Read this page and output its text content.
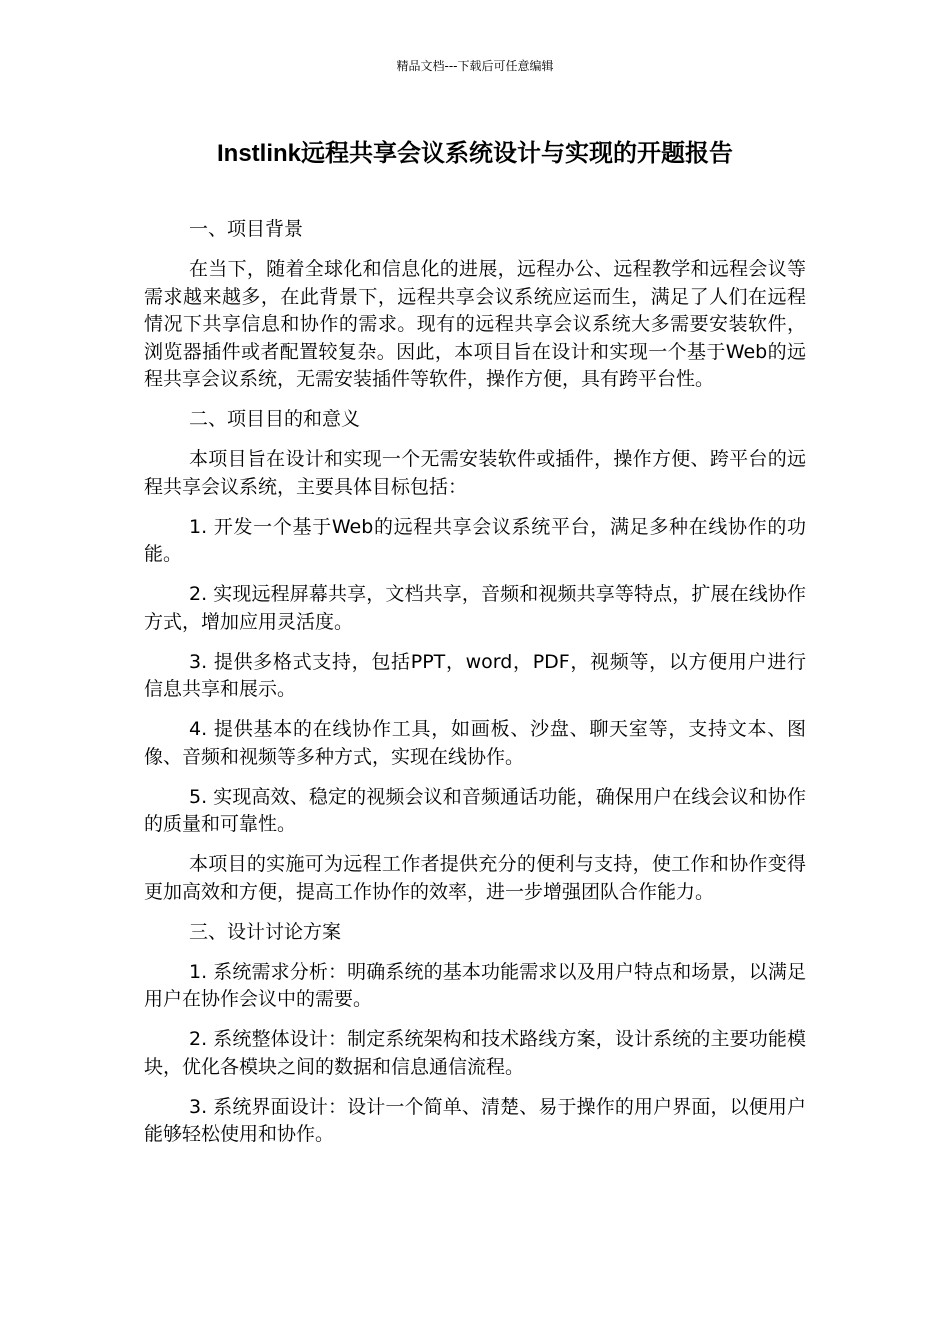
精品文档---下载后可任意编辑
Instlink远程共享会议系统设计与实现的开题报告

一、项目背景

在当下，随着全球化和信息化的进展，远程办公、远程教学和远程会议等需求越来越多，在此背景下，远程共享会议系统应运而生，满足了人们在远程情况下共享信息和协作的需求。现有的远程共享会议系统大多需要安装软件，浏览器插件或者配置较复杂。因此，本项目旨在设计和实现一个基于Web的远程共享会议系统，无需安装插件等软件，操作方便，具有跨平台性。

二、项目目的和意义

本项目旨在设计和实现一个无需安装软件或插件，操作方便、跨平台的远程共享会议系统，主要具体目标包括：

1. 开发一个基于Web的远程共享会议系统平台，满足多种在线协作的功能。

2. 实现远程屏幕共享，文档共享，音频和视频共享等特点，扩展在线协作方式，增加应用灵活度。

3. 提供多格式支持，包括PPT，word，PDF，视频等，以方便用户进行信息共享和展示。

4. 提供基本的在线协作工具，如画板、沙盘、聊天室等，支持文本、图像、音频和视频等多种方式，实现在线协作。

5. 实现高效、稳定的视频会议和音频通话功能，确保用户在线会议和协作的质量和可靠性。

本项目的实施可为远程工作者提供充分的便利与支持，使工作和协作变得更加高效和方便，提高工作协作的效率，进一步增强团队合作能力。

三、设计讨论方案

1. 系统需求分析：明确系统的基本功能需求以及用户特点和场景，以满足用户在协作会议中的需要。

2. 系统整体设计：制定系统架构和技术路线方案，设计系统的主要功能模块，优化各模块之间的数据和信息通信流程。

3. 系统界面设计：设计一个简单、清楚、易于操作的用户界面，以便用户能够轻松使用和协作。
